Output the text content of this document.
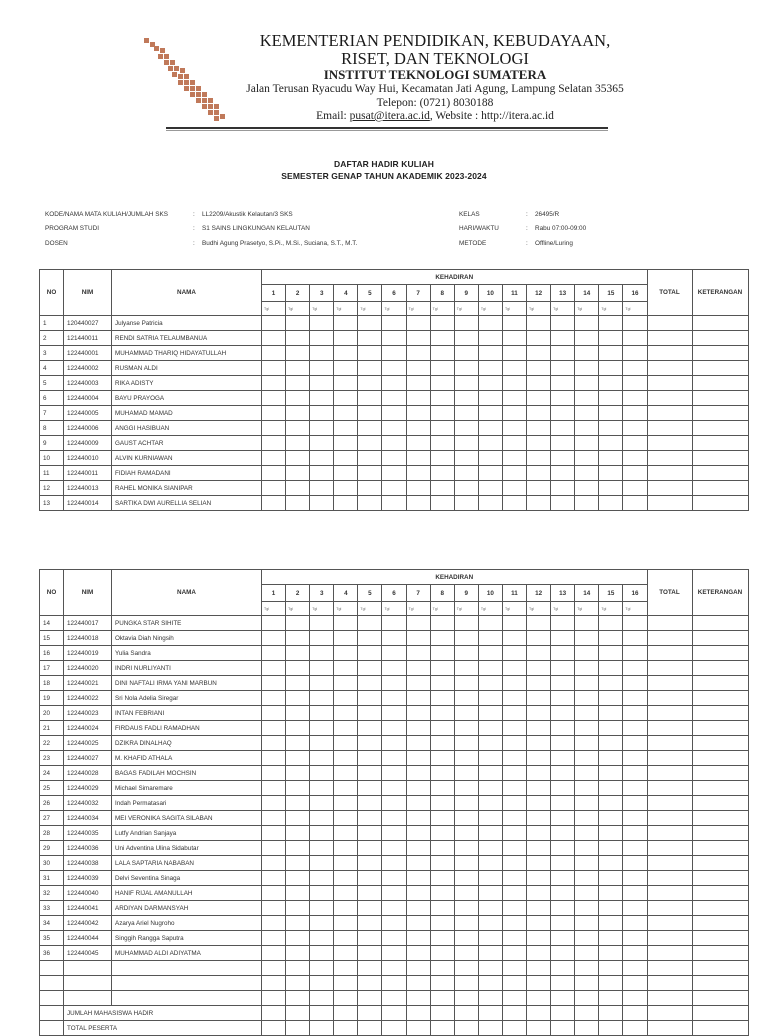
KEMENTERIAN PENDIDIKAN, KEBUDAYAAN,
RISET, DAN TEKNOLOGI
INSTITUT TEKNOLOGI SUMATERA
Jalan Terusan Ryacudu Way Hui, Kecamatan Jati Agung, Lampung Selatan 35365
Telepon: (0721) 8030188
Email: pusat@itera.ac.id, Website : http://itera.ac.id
DAFTAR HADIR KULIAH
SEMESTER GENAP TAHUN AKADEMIK 2023-2024
KODE/NAMA MATA KULIAH/JUMLAH SKS	: LL2209/Akustik Kelautan/3 SKS
PROGRAM STUDI	: S1 SAINS LINGKUNGAN KELAUTAN
DOSEN	: Budhi Agung Prasetyo, S.Pi., M.Si., Suciana, S.T., M.T.
KELAS	: 26495/R
HARI/WAKTU	: Rabu 07:00-09:00
METODE	: Offline/Luring
NO	NIM	NAMA	KEHADIRAN																TOTAL	KETERANGAN
			1	2	3	4	5	6	7	8	9	10	11	12	13	14	15	16		
			Tgl	Tgl	Tgl	Tgl	Tgl	Tgl	Tgl	Tgl	Tgl	Tgl	Tgl	Tgl	Tgl	Tgl	Tgl	Tgl		
1	120440027	Julyanse Patricia																		
2	121440011	RENDI SATRIA TELAUMBANUA																		
3	122440001	MUHAMMAD THARIQ HIDAYATULLAH																		
4	122440002	RUSMAN ALDI																		
5	122440003	RIKA ADISTY																		
6	122440004	BAYU PRAYOGA																		
7	122440005	MUHAMAD MAMAD																		
8	122440006	ANGGI HASIBUAN																		
9	122440009	GAUST ACHTAR																		
10	122440010	ALVIN KURNIAWAN																		
11	122440011	FIDIAH RAMADANI																		
12	122440013	RAHEL MONIKA SIANIPAR																		
13	122440014	SARTIKA DWI AURELLIA SELIAN																		
NO	NIM	NAMA	KEHADIRAN																TOTAL	KETERANGAN
			1	2	3	4	5	6	7	8	9	10	11	12	13	14	15	16		
			Tgl	Tgl	Tgl	Tgl	Tgl	Tgl	Tgl	Tgl	Tgl	Tgl	Tgl	Tgl	Tgl	Tgl	Tgl	Tgl		
14	122440017	PUNGKA STAR SIHITE																		
15	122440018	Oktavia Diah Ningsih																		
16	122440019	Yulia Sandra																		
17	122440020	INDRI NURLIYANTI																		
18	122440021	DINI NAFTALI IRMA YANI MARBUN																		
19	122440022	Sri Nola Adelia Siregar																		
20	122440023	INTAN FEBRIANI																		
21	122440024	FIRDAUS FADLI RAMADHAN																		
22	122440025	DZIKRA DINALHAQ																		
23	122440027	M. KHAFID ATHALA																		
24	122440028	BAGAS FADILAH MOCHSIN																		
25	122440029	Michael Simaremare																		
26	122440032	Indah Permatasari																		
27	122440034	MEI VERONIKA SAGITA SILABAN																		
28	122440035	Lutfy Andrian Sanjaya																		
29	122440036	Uni Adventina Ulina Sidabutar																		
30	122440038	LALA SAPTARIA NABABAN																		
31	122440039	Delvi Seventina Sinaga																		
32	122440040	HANIF RIJAL AMANULLAH																		
33	122440041	ARDIYAN DARMANSYAH																		
34	122440042	Azarya Ariel Nugroho																		
35	122440044	Singgih Rangga Saputra																		
36	122440045	MUHAMMAD ALDI ADIYATMA																		

	JUMLAH MAHASISWA HADIR																			
	TOTAL PESERTA																			
